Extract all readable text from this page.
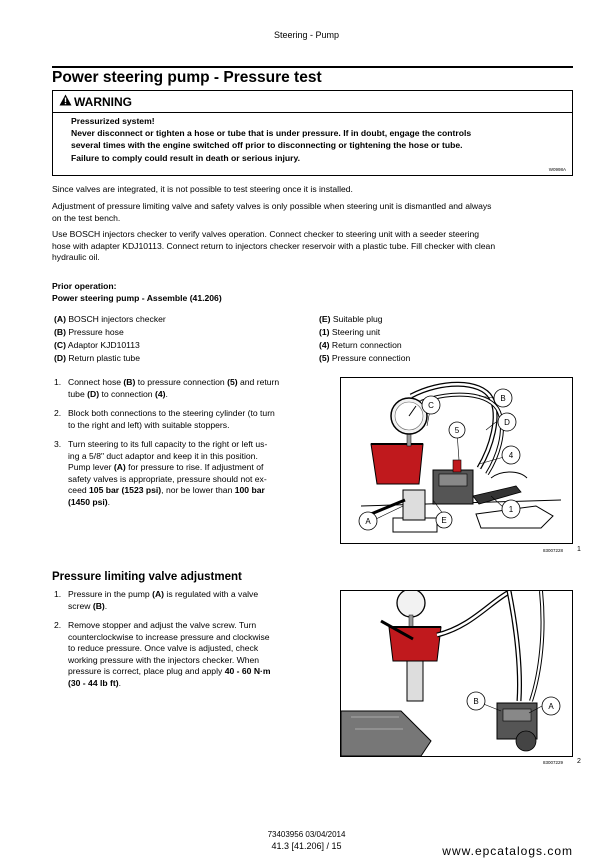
Steering - Pump
Power steering pump - Pressure test
WARNING
Pressurized system!
Never disconnect or tighten a hose or tube that is under pressure. If in doubt, engage the controls
several times with the engine switched off prior to disconnecting or tightening the hose or tube.
Failure to comply could result in death or serious injury.
W0998A
Since valves are integrated, it is not possible to test steering once it is installed.
Adjustment of pressure limiting valve and safety valves is only possible when steering unit is dismantled and always
on the test bench.
Use BOSCH injectors checker to verify valves operation. Connect checker to steering unit with a seeder steering
hose with adapter KDJ10113. Connect return to injectors checker reservoir with a plastic tube. Fill checker with clean
hydraulic oil.
Prior operation:
Power steering pump - Assemble (41.206)
(A) BOSCH injectors checker
(B) Pressure hose
(C) Adaptor KJD10113
(D) Return plastic tube
(E) Suitable plug
(1) Steering unit
(4) Return connection
(5) Pressure connection
1. Connect hose (B) to pressure connection (5) and return
tube (D) to connection (4).
2. Block both connections to the steering cylinder (to turn
to the right and left) with suitable stoppers.
3. Turn steering to its full capacity to the right or left us-
ing a 5/8" duct adaptor and keep it in this position.
Pump lever (A) for pressure to rise. If adjustment of
safety valves is appropriate, pressure should not ex-
ceed 105 bar (1523 psi), nor be lower than 100 bar
(1450 psi).
A
B
C
D
E
1
4
5
83007228 1
Pressure limiting valve adjustment
1. Pressure in the pump (A) is regulated with a valve
screw (B).
2. Remove stopper and adjust the valve screw. Turn
counterclockwise to increase pressure and clockwise
to reduce pressure. Once valve is adjusted, check
working pressure with the injectors checker. When
pressure is correct, place plug and apply 40 - 60 N·m
(30 - 44 lb ft).
A
B
83007229 2
73403956 03/04/2014
41.3 [41.206] / 15	www.epcatalogs.com
